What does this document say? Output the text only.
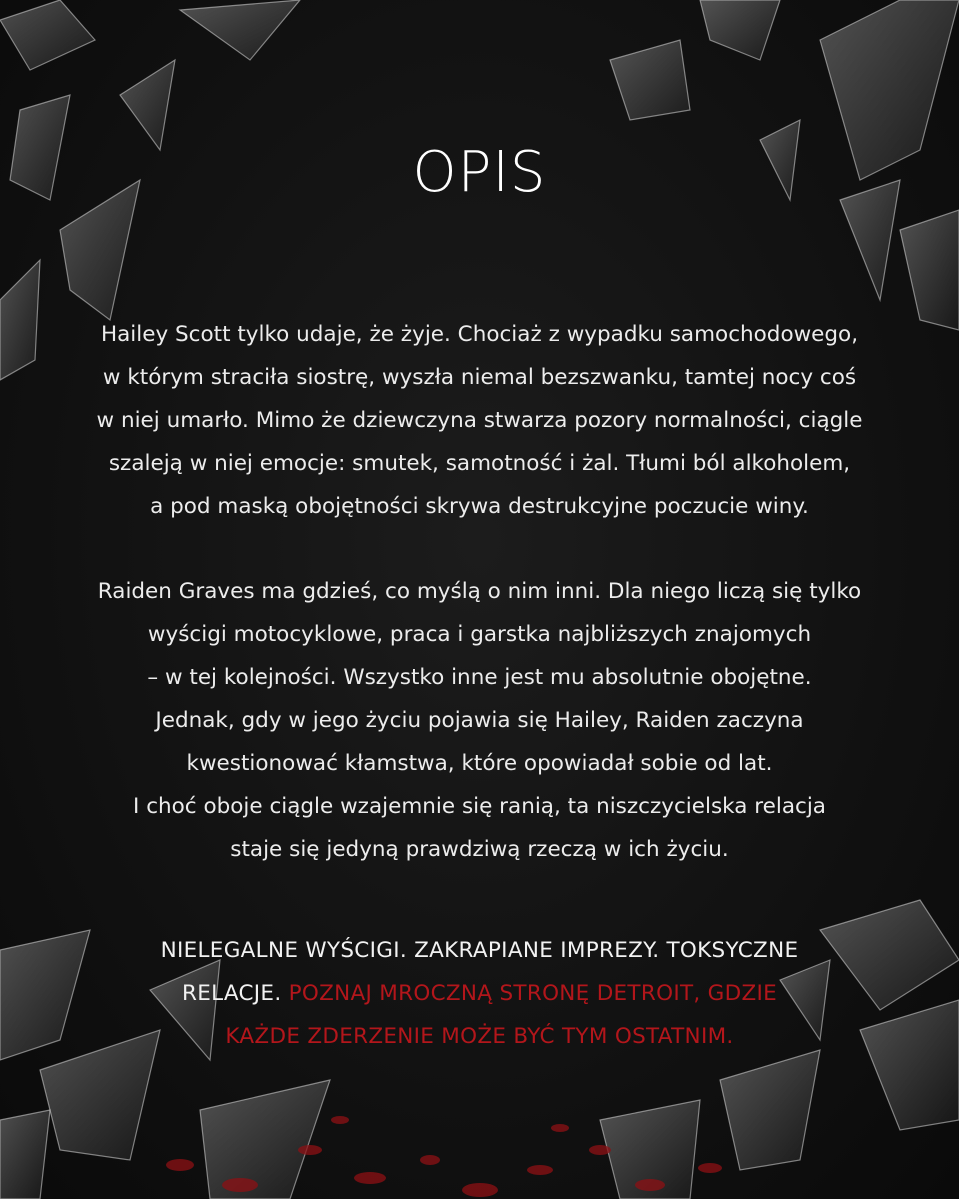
OPIS
Hailey Scott tylko udaje, że żyje. Chociaż z wypadku samochodowego,
w którym straciła siostrę, wyszła niemal bezszwanku, tamtej nocy coś
w niej umarło. Mimo że dziewczyna stwarza pozory normalności, ciągle
szaleją w niej emocje: smutek, samotność i żal. Tłumi ból alkoholem,
a pod maską obojętności skrywa destrukcyjne poczucie winy.
Raiden Graves ma gdzieś, co myślą o nim inni. Dla niego liczą się tylko
wyścigi motocyklowe, praca i garstka najbliższych znajomych
– w tej kolejności. Wszystko inne jest mu absolutnie obojętne.
Jednak, gdy w jego życiu pojawia się Hailey, Raiden zaczyna
kwestionować kłamstwa, które opowiadał sobie od lat.
I choć oboje ciągle wzajemnie się ranią, ta niszczycielska relacja
staje się jedyną prawdziwą rzeczą w ich życiu.
NIELEGALNE WYŚCIGI. ZAKRAPIANE IMPREZY. TOKSYCZNE
RELACJE. POZNAJ MROCZNĄ STRONĘ DETROIT, GDZIE
KAŻDE ZDERZENIE MOŻE BYĆ TYM OSTATNIM.
